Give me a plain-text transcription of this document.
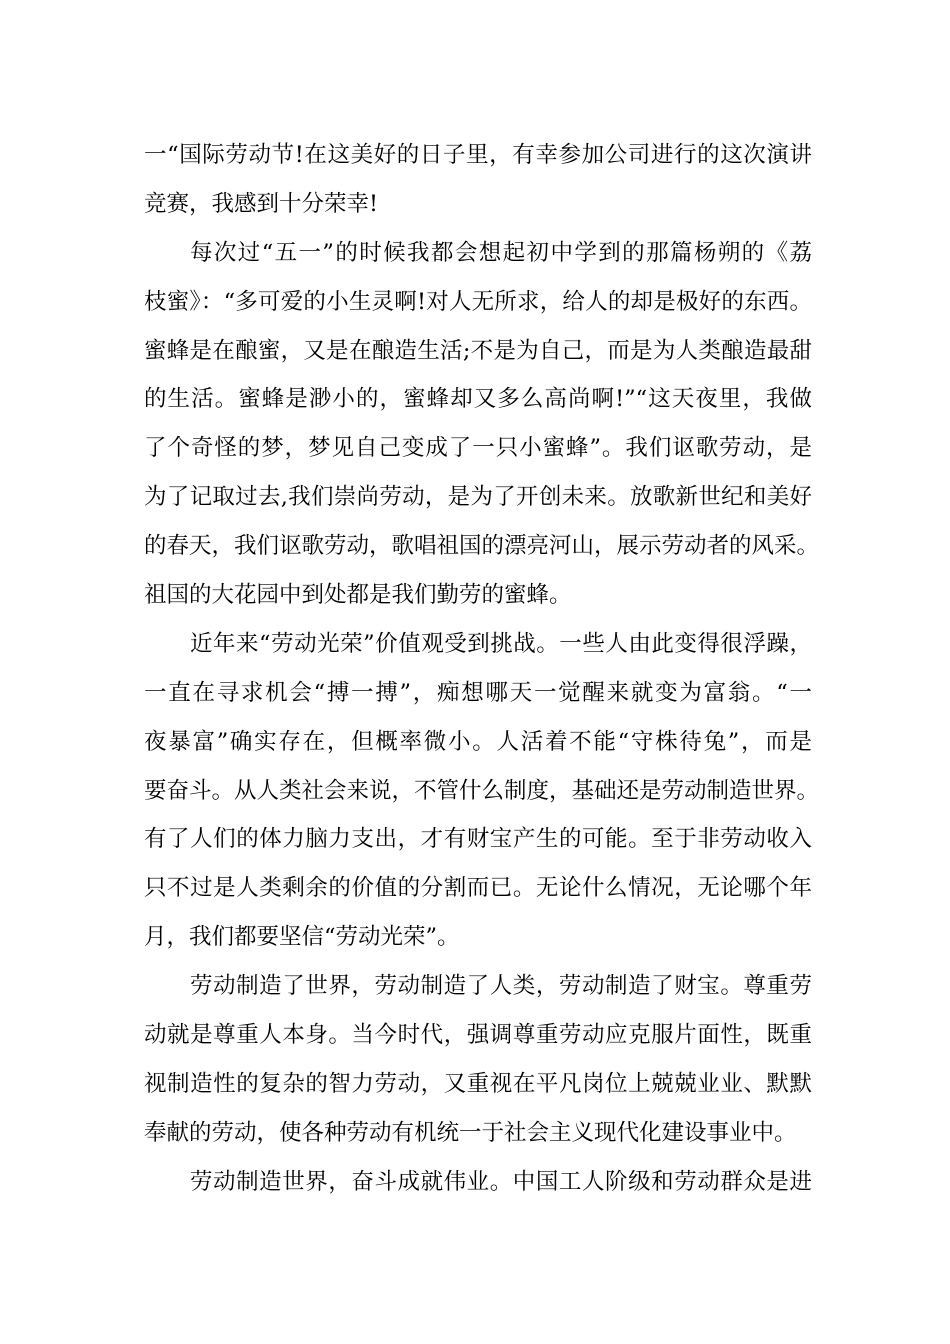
一“国际劳动节!在这美好的日子里，有幸参加公司进行的这次演讲
竞赛，我感到十分荣幸!
每次过“五一”的时候我都会想起初中学到的那篇杨朔的《荔
枝蜜》：“多可爱的小生灵啊!对人无所求，给人的却是极好的东西。
蜜蜂是在酿蜜，又是在酿造生活;不是为自己，而是为人类酿造最甜
的生活。蜜蜂是渺小的，蜜蜂却又多么高尚啊!”“这天夜里，我做
了个奇怪的梦，梦见自己变成了一只小蜜蜂”。我们讴歌劳动，是
为了记取过去,我们崇尚劳动，是为了开创未来。放歌新世纪和美好
的春天，我们讴歌劳动，歌唱祖国的漂亮河山，展示劳动者的风采。
祖国的大花园中到处都是我们勤劳的蜜蜂。
近年来“劳动光荣”价值观受到挑战。一些人由此变得很浮躁，
一直在寻求机会“搏一搏”，痴想哪天一觉醒来就变为富翁。“一
夜暴富”确实存在，但概率微小。人活着不能“守株待兔”，而是
要奋斗。从人类社会来说，不管什么制度，基础还是劳动制造世界。
有了人们的体力脑力支出，才有财宝产生的可能。至于非劳动收入
只不过是人类剩余的价值的分割而已。无论什么情况，无论哪个年
月，我们都要坚信“劳动光荣”。
劳动制造了世界，劳动制造了人类，劳动制造了财宝。尊重劳
动就是尊重人本身。当今时代，强调尊重劳动应克服片面性，既重
视制造性的复杂的智力劳动，又重视在平凡岗位上兢兢业业、默默
奉献的劳动，使各种劳动有机统一于社会主义现代化建设事业中。
劳动制造世界，奋斗成就伟业。中国工人阶级和劳动群众是进
